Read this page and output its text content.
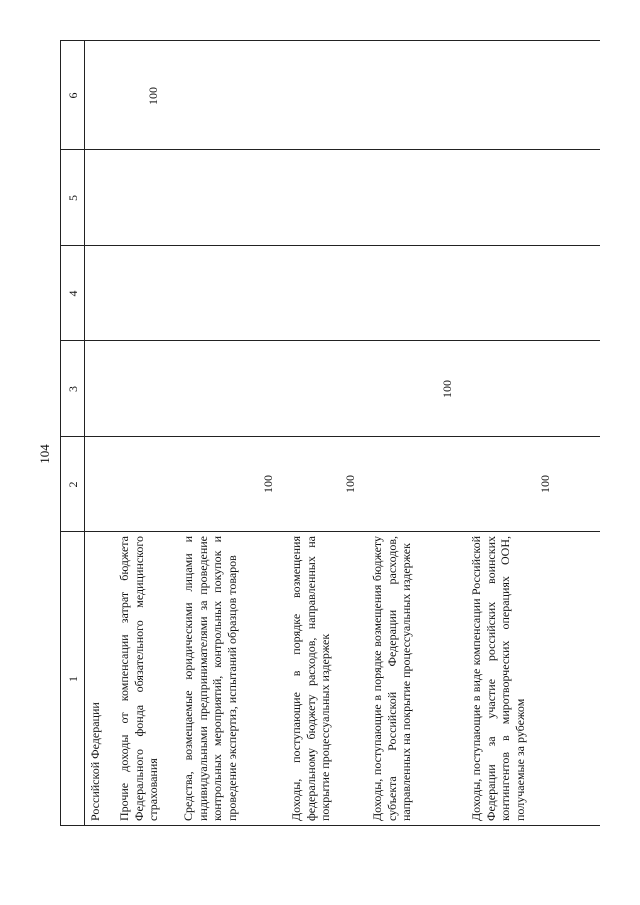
104
1
2
3
4
5
6
Российской Федерации Прочие доходы от компенсации затрат бюджета Федерального фонда обязательного медицинского страхования
100
Средства, возмещаемые юридическими лицами и индивидуальными предпринимателями за проведение контрольных мероприятий, контрольных покупок и проведение экспертиз, испытаний образцов товаров
100
Доходы, поступающие в порядке возмещения федеральному бюджету расходов, направленных на покрытие процессуальных издержек
100
Доходы, поступающие в порядке возмещения бюджету субъекта Российской Федерации расходов, направленных на покрытие процессуальных издержек
100
Доходы, поступающие в виде компенсации Российской Федерации за участие российских воинских контингентов в миротворческих операциях ООН, получаемые за рубежом
100
